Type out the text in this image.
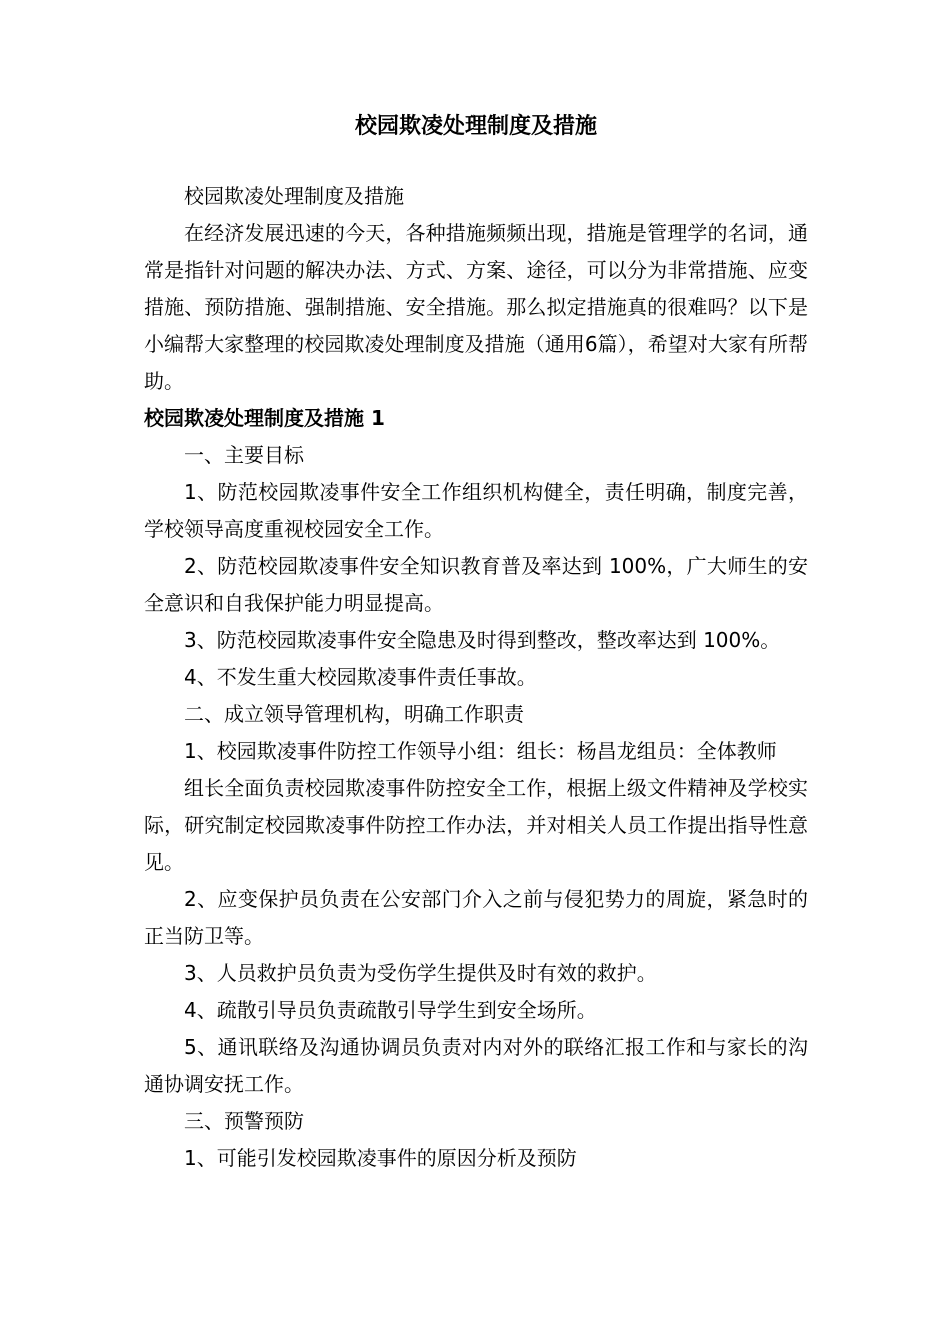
校园欺凌处理制度及措施

校园欺凌处理制度及措施

在经济发展迅速的今天，各种措施频频出现，措施是管理学的名词，通常是指针对问题的解决办法、方式、方案、途径，可以分为非常措施、应变措施、预防措施、强制措施、安全措施。那么拟定措施真的很难吗？以下是小编帮大家整理的校园欺凌处理制度及措施（通用6篇），希望对大家有所帮助。

校园欺凌处理制度及措施 1

一、主要目标

1、防范校园欺凌事件安全工作组织机构健全，责任明确，制度完善，学校领导高度重视校园安全工作。

2、防范校园欺凌事件安全知识教育普及率达到 100%，广大师生的安全意识和自我保护能力明显提高。

3、防范校园欺凌事件安全隐患及时得到整改，整改率达到 100%。

4、不发生重大校园欺凌事件责任事故。

二、成立领导管理机构，明确工作职责

1、校园欺凌事件防控工作领导小组：组长：杨昌龙组员：全体教师

组长全面负责校园欺凌事件防控安全工作，根据上级文件精神及学校实际，研究制定校园欺凌事件防控工作办法，并对相关人员工作提出指导性意见。

2、应变保护员负责在公安部门介入之前与侵犯势力的周旋，紧急时的正当防卫等。

3、人员救护员负责为受伤学生提供及时有效的救护。

4、疏散引导员负责疏散引导学生到安全场所。

5、通讯联络及沟通协调员负责对内对外的联络汇报工作和与家长的沟通协调安抚工作。

三、预警预防

1、可能引发校园欺凌事件的原因分析及预防
